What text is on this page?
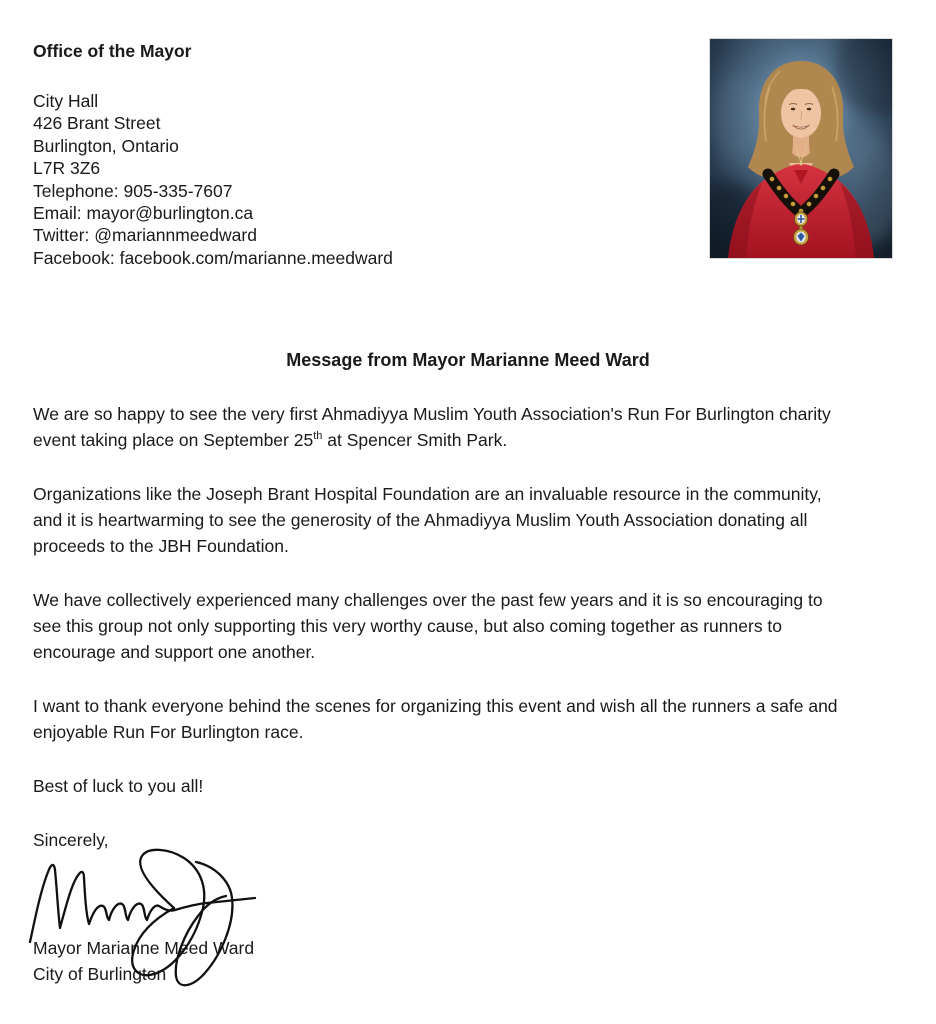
Office of the Mayor
City Hall
426 Brant Street
Burlington, Ontario
L7R 3Z6
Telephone: 905-335-7607
Email: mayor@burlington.ca
Twitter: @mariannmeedward
Facebook: facebook.com/marianne.meedward
Message from Mayor Marianne Meed Ward

We are so happy to see the very first Ahmadiyya Muslim Youth Association's Run For Burlington charity
event taking place on September 25th at Spencer Smith Park.

Organizations like the Joseph Brant Hospital Foundation are an invaluable resource in the community,
and it is heartwarming to see the generosity of the Ahmadiyya Muslim Youth Association donating all
proceeds to the JBH Foundation.

We have collectively experienced many challenges over the past few years and it is so encouraging to
see this group not only supporting this very worthy cause, but also coming together as runners to
encourage and support one another.

I want to thank everyone behind the scenes for organizing this event and wish all the runners a safe and
enjoyable Run For Burlington race.

Best of luck to you all!

Sincerely,

Mayor Marianne Meed Ward
City of Burlington
